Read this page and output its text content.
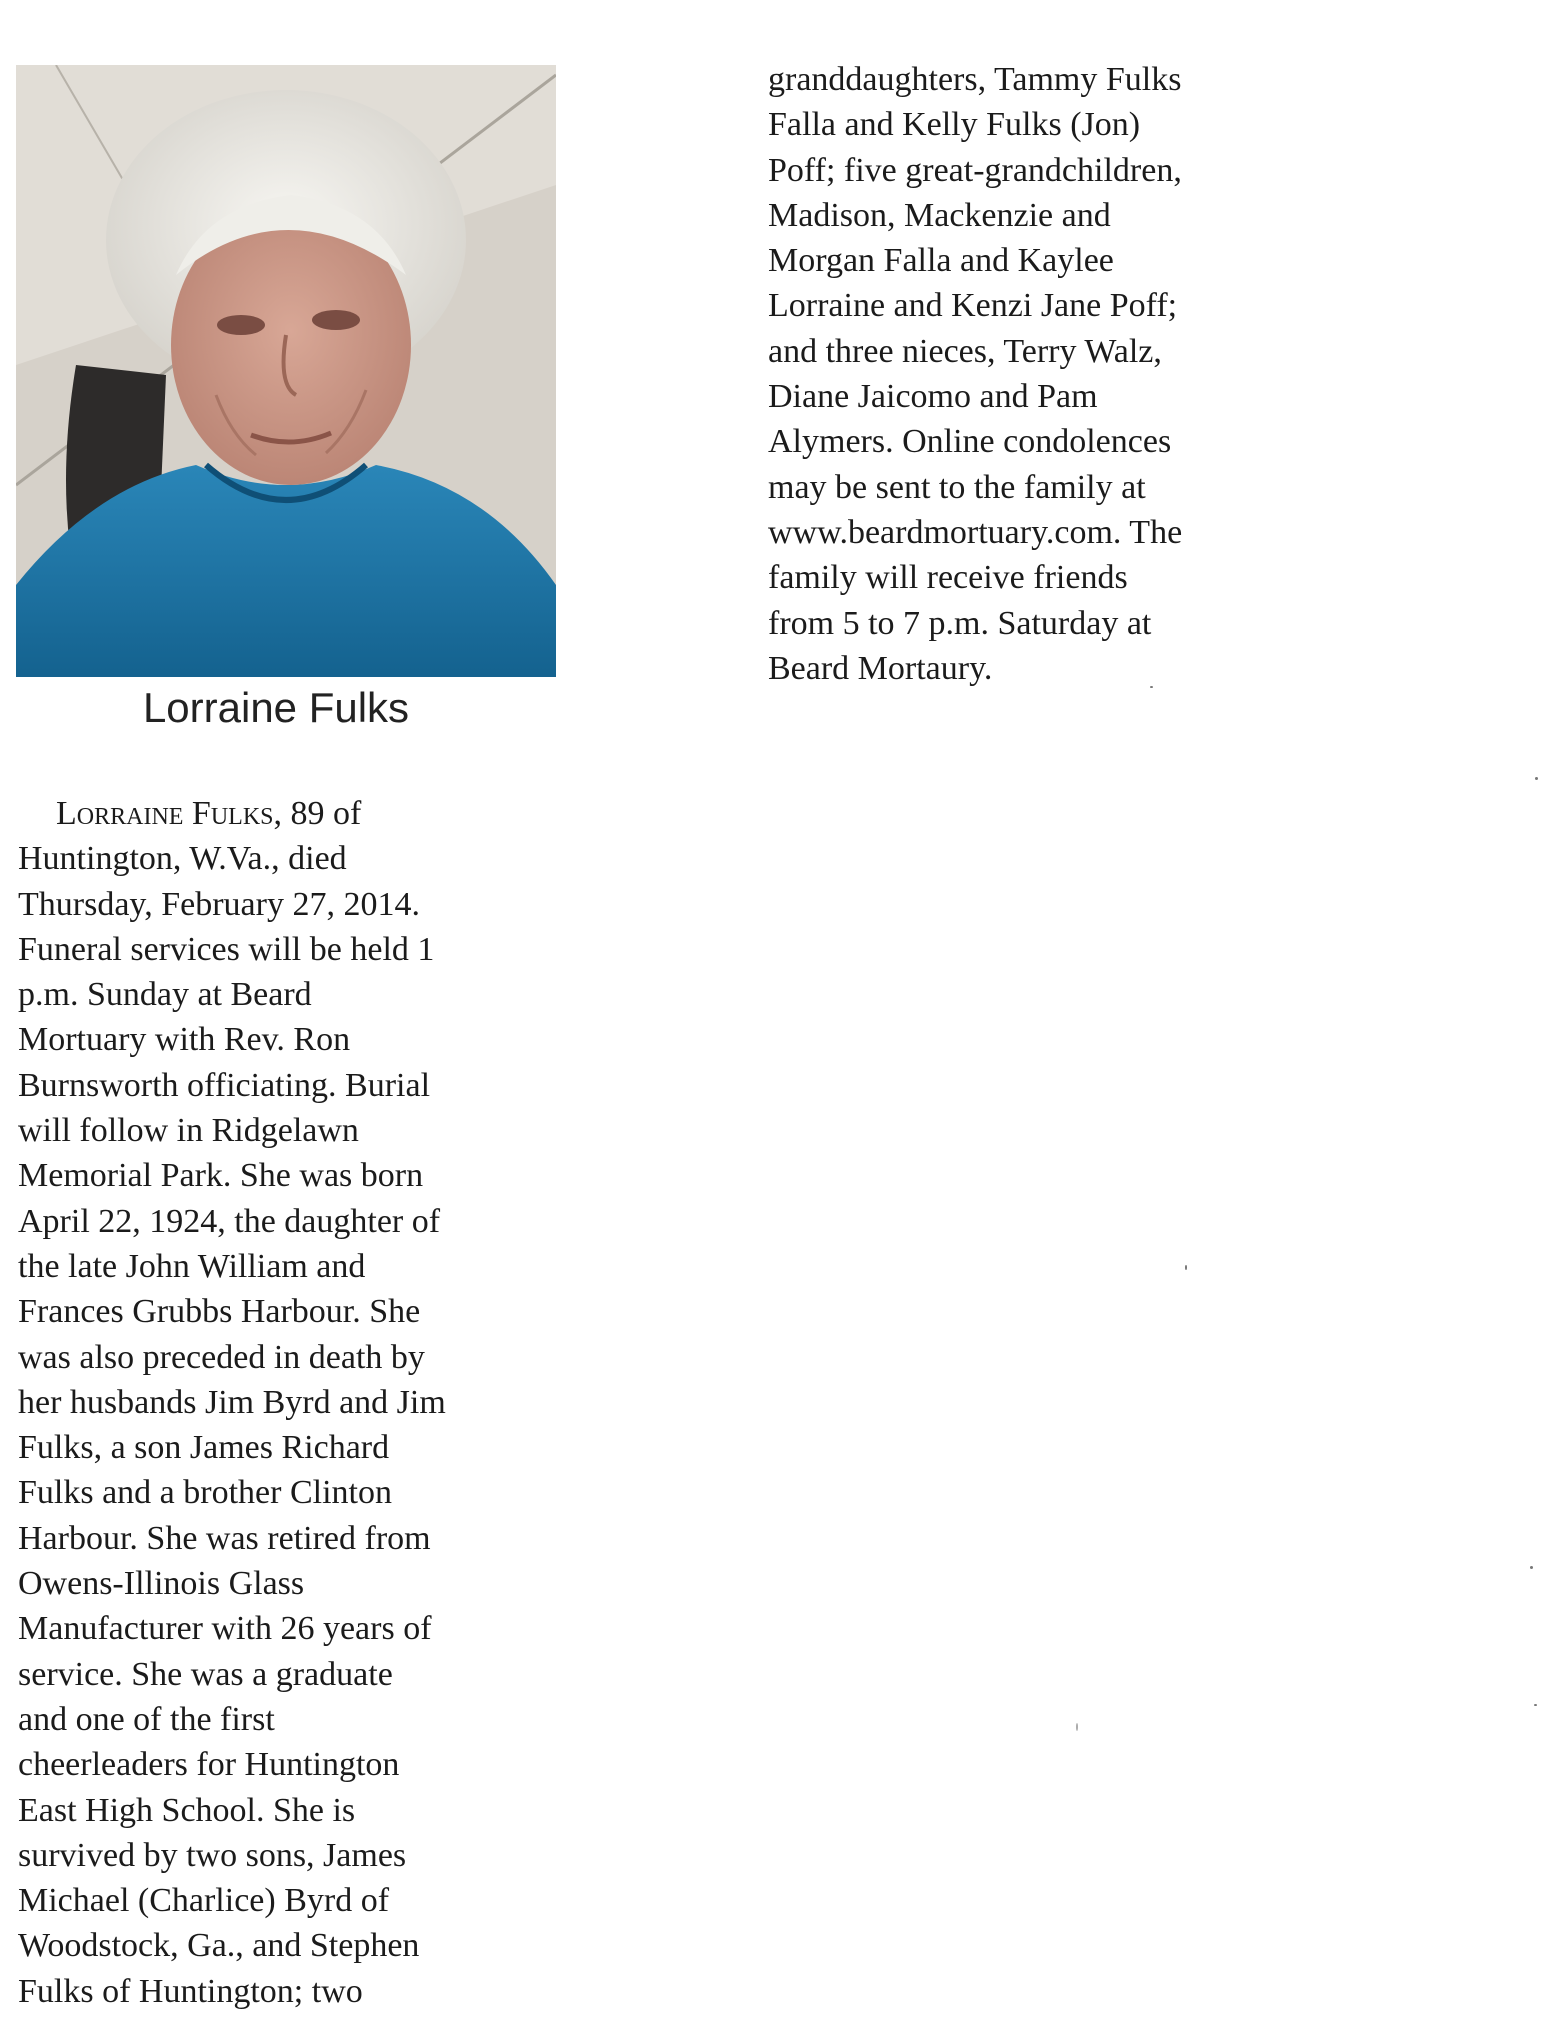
Lorraine Fulks
Lorraine Fulks, 89 of
Huntington, W.Va., died
Thursday, February 27, 2014.
Funeral services will be held 1
p.m. Sunday at Beard
Mortuary with Rev. Ron
Burnsworth officiating. Burial
will follow in Ridgelawn
Memorial Park. She was born
April 22, 1924, the daughter of
the late John William and
Frances Grubbs Harbour. She
was also preceded in death by
her husbands Jim Byrd and Jim
Fulks, a son James Richard
Fulks and a brother Clinton
Harbour. She was retired from
Owens-Illinois Glass
Manufacturer with 26 years of
service. She was a graduate
and one of the first
cheerleaders for Huntington
East High School. She is
survived by two sons, James
Michael (Charlice) Byrd of
Woodstock, Ga., and Stephen
Fulks of Huntington; two
granddaughters, Tammy Fulks
Falla and Kelly Fulks (Jon)
Poff; five great-grandchildren,
Madison, Mackenzie and
Morgan Falla and Kaylee
Lorraine and Kenzi Jane Poff;
and three nieces, Terry Walz,
Diane Jaicomo and Pam
Alymers. Online condolences
may be sent to the family at
www.beardmortuary.com. The
family will receive friends
from 5 to 7 p.m. Saturday at
Beard Mortaury.
